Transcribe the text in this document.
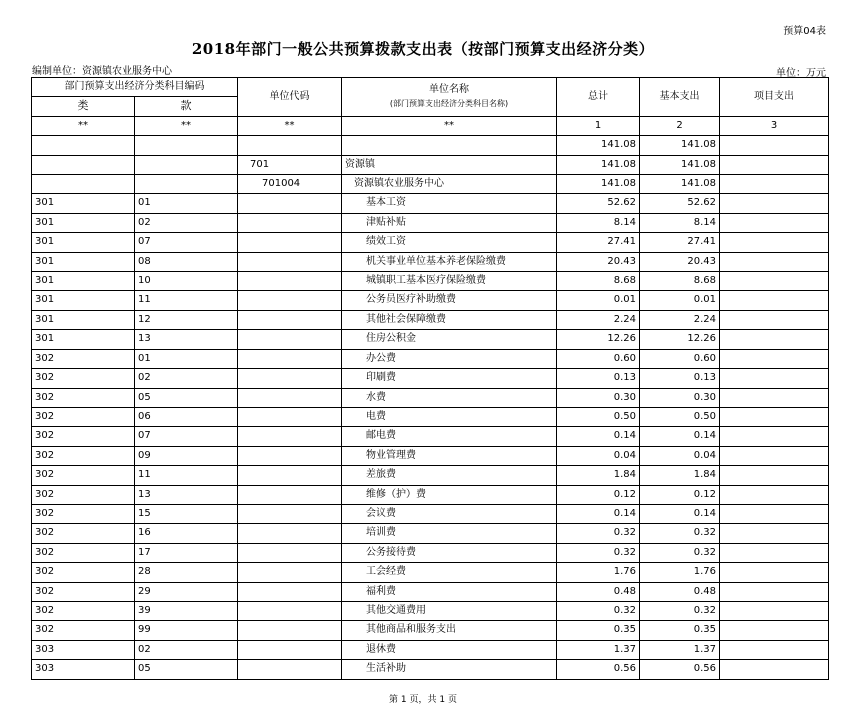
预算04表
2018年部门一般公共预算拨款支出表（按部门预算支出经济分类）
编制单位：资源镇农业服务中心	单位：万元
部门预算支出经济分类科目编码		单位代码	单位名称
(部门预算支出经济分类科目名称)	总计	基本支出	项目支出
类	款					
**	**	**	**	1	2	3
				141.08	141.08	
		701	资源镇	141.08	141.08	
		701004	资源镇农业服务中心	141.08	141.08	
301	01		基本工资	52.62	52.62	
301	02		津贴补贴	8.14	8.14	
301	07		绩效工资	27.41	27.41	
301	08		机关事业单位基本养老保险缴费	20.43	20.43	
301	10		城镇职工基本医疗保险缴费	8.68	8.68	
301	11		公务员医疗补助缴费	0.01	0.01	
301	12		其他社会保障缴费	2.24	2.24	
301	13		住房公积金	12.26	12.26	
302	01		办公费	0.60	0.60	
302	02		印刷费	0.13	0.13	
302	05		水费	0.30	0.30	
302	06		电费	0.50	0.50	
302	07		邮电费	0.14	0.14	
302	09		物业管理费	0.04	0.04	
302	11		差旅费	1.84	1.84	
302	13		维修（护）费	0.12	0.12	
302	15		会议费	0.14	0.14	
302	16		培训费	0.32	0.32	
302	17		公务接待费	0.32	0.32	
302	28		工会经费	1.76	1.76	
302	29		福利费	0.48	0.48	
302	39		其他交通费用	0.32	0.32	
302	99		其他商品和服务支出	0.35	0.35	
303	02		退休费	1.37	1.37	
303	05		生活补助	0.56	0.56	
第 1 页，共 1 页
